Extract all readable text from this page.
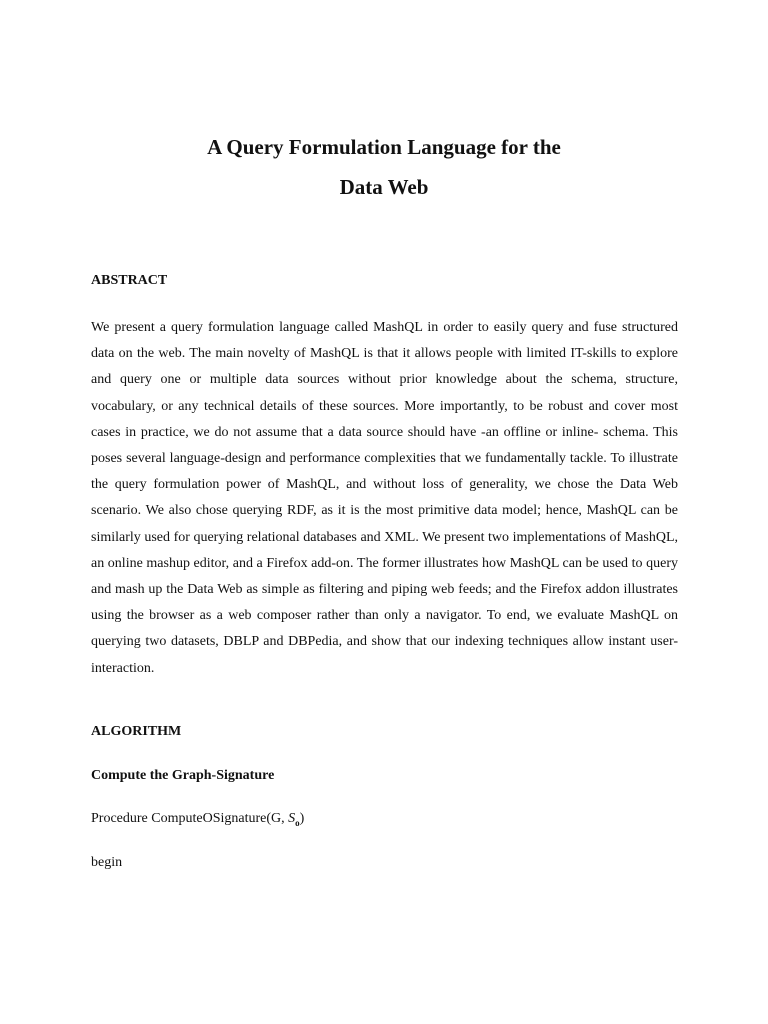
A Query Formulation Language for the
Data Web
ABSTRACT

We present a query formulation language called MashQL in order to easily query and fuse structured data on the web. The main novelty of MashQL is that it allows people with limited IT-skills to explore and query one or multiple data sources without prior knowledge about the schema, structure, vocabulary, or any technical details of these sources. More importantly, to be robust and cover most cases in practice, we do not assume that a data source should have -an offline or inline- schema. This poses several language-design and performance complexities that we fundamentally tackle. To illustrate the query formulation power of MashQL, and without loss of generality, we chose the Data Web scenario. We also chose querying RDF, as it is the most primitive data model; hence, MashQL can be similarly used for querying relational databases and XML. We present two implementations of MashQL, an online mashup editor, and a Firefox add-on. The former illustrates how MashQL can be used to query and mash up the Data Web as simple as filtering and piping web feeds; and the Firefox addon illustrates using the browser as a web composer rather than only a navigator. To end, we evaluate MashQL on querying two datasets, DBLP and DBPedia, and show that our indexing techniques allow instant user-interaction.

ALGORITHM
Compute the Graph-Signature

Procedure ComputeOSignature(G, $S_o$)

begin
